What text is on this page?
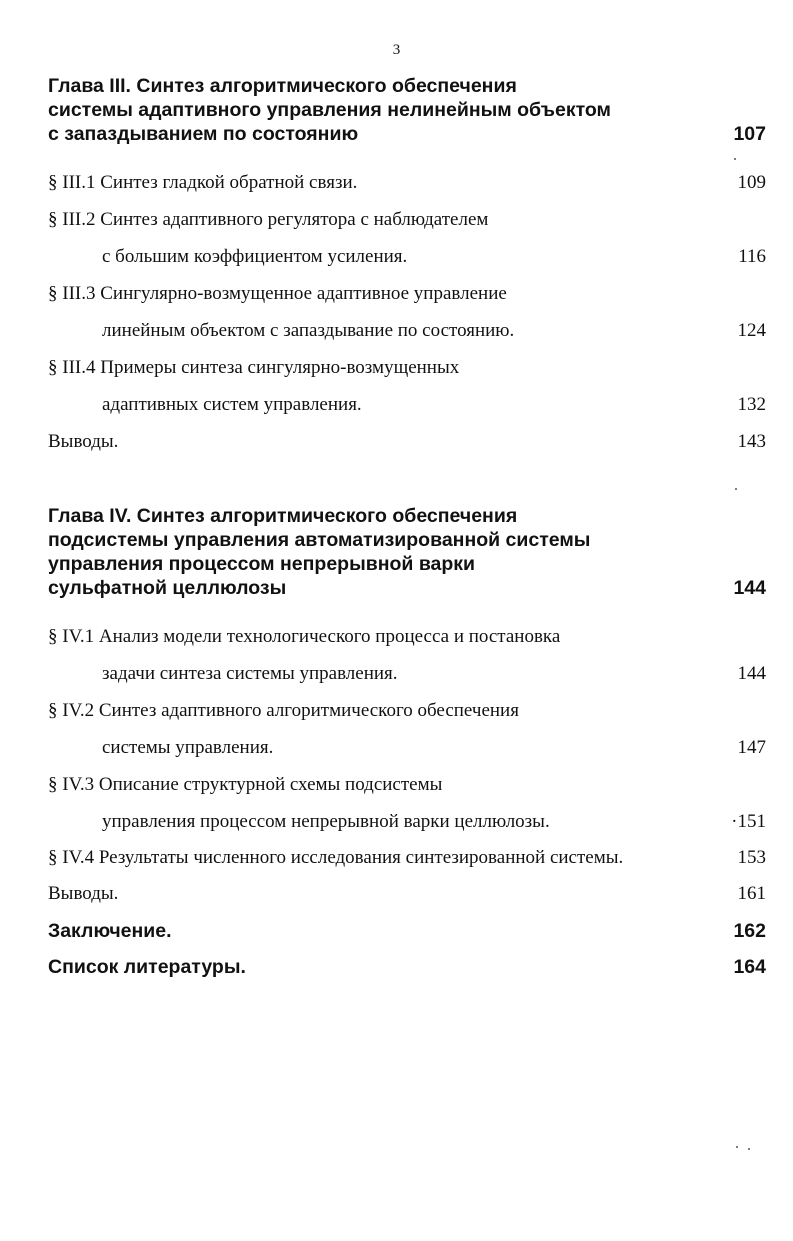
3
Глава III. Синтез алгоритмического обеспечения
системы адаптивного управления нелинейным объектом
с запаздыванием по состоянию	107
§ III.1 Синтез гладкой обратной связи.	109
§ III.2 Синтез адаптивного регулятора с наблюдателем
с большим коэффициентом усиления.	116
§ III.3 Сингулярно-возмущенное адаптивное управление
линейным объектом с запаздывание по состоянию.	124
§ III.4 Примеры синтеза сингулярно-возмущенных
адаптивных систем управления.	132
Выводы.	143
Глава IV. Синтез алгоритмического обеспечения
подсистемы управления автоматизированной системы
управления процессом непрерывной варки
сульфатной целлюлозы	144
§ IV.1 Анализ модели технологического процесса и постановка
задачи синтеза системы управления.	144
§ IV.2 Синтез адаптивного алгоритмического обеспечения
системы управления.	147
§ IV.3 Описание структурной схемы подсистемы
управления процессом непрерывной варки целлюлозы.	·151
§ IV.4 Результаты численного исследования синтезированной системы.	153
Выводы.	161
Заключение.	162
Список литературы.	164
